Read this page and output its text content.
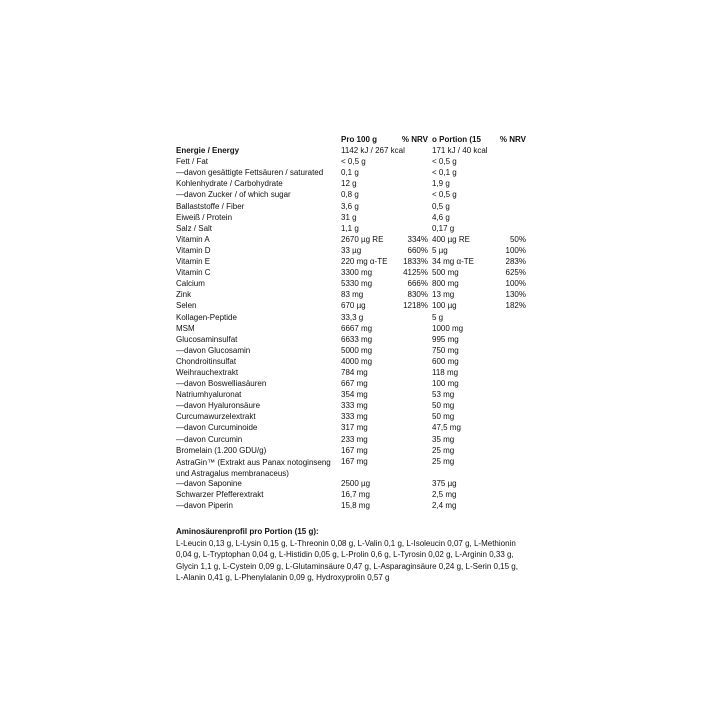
	Pro 100 g	% NRV	o Portion (15	% NRV
Energie / Energy	1142 kJ / 267 kcal		171 kJ / 40 kcal	
Fett / Fat	< 0,5 g		< 0,5 g	
—davon gesättigte Fettsäuren / saturated	0,1 g		< 0,1 g	
Kohlenhydrate / Carbohydrate	12 g		1,9 g	
—davon Zucker / of which sugar	0,8 g		< 0,5 g	
Ballaststoffe / Fiber	3,6 g		0,5 g	
Eiweiß / Protein	31 g		4,6 g	
Salz / Salt	1,1 g		0,17 g	
Vitamin A	2670 µg RE	334%	400 µg RE	50%
Vitamin D	33 µg	660%	5 µg	100%
Vitamin E	220 mg α-TE	1833%	34 mg α-TE	283%
Vitamin C	3300 mg	4125%	500 mg	625%
Calcium	5330 mg	666%	800 mg	100%
Zink	83 mg	830%	13 mg	130%
Selen	670 µg	1218%	100 µg	182%
Kollagen-Peptide	33,3 g		5 g	
MSM	6667 mg		1000 mg	
Glucosaminsulfat	6633 mg		995 mg	
—davon Glucosamin	5000 mg		750 mg	
Chondroitinsulfat	4000 mg		600 mg	
Weihrauchextrakt	784 mg		118 mg	
—davon Boswelliasäuren	667 mg		100 mg	
Natriumhyaluronat	354 mg		53 mg	
—davon Hyaluronsäure	333 mg		50 mg	
Curcumawurzelextrakt	333 mg		50 mg	
—davon Curcuminoide	317 mg		47,5 mg	
—davon Curcumin	233 mg		35 mg	
Bromelain (1.200 GDU/g)	167 mg		25 mg	
AstraGin™ (Extrakt aus Panax notoginseng und Astragalus membranaceus)	167 mg		25 mg	
—davon Saponine	2500 µg		375 µg	
Schwarzer Pfefferextrakt	16,7 mg		2,5 mg	
—davon Piperin	15,8 mg		2,4 mg	
Aminosäurenprofil pro Portion (15 g):
L-Leucin 0,13 g, L-Lysin 0,15 g, L-Threonin 0,08 g, L-Valin 0,1 g, L-Isoleucin 0,07 g, L-Methionin 0,04 g, L-Tryptophan 0,04 g, L-Histidin 0,05 g, L-Prolin 0,6 g, L-Tyrosin 0,02 g, L-Arginin 0,33 g, Glycin 1,1 g, L-Cystein 0,09 g, L-Glutaminsäure 0,47 g, L-Asparaginsäure 0,24 g, L-Serin 0,15 g, L-Alanin 0,41 g, L-Phenylalanin 0,09 g, Hydroxyprolin 0,57 g
